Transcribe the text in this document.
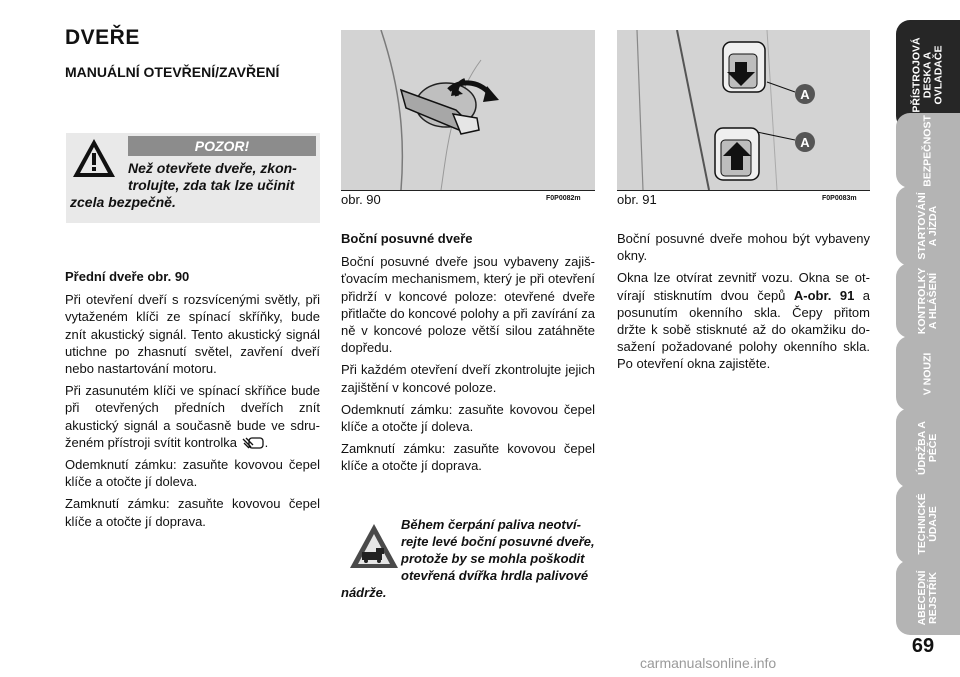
DVEŘE
MANUÁLNÍ OTEVŘENÍ/ZAVŘENÍ
POZOR!
Než otevřete dveře, zkontrolujte, zda tak lze učinit zcela bezpečně.

Přední dveře obr. 90

Při otevření dveří s rozsvícenými světly, při vytaženém klíči ze spínací skříňky, bude znít akustický signál. Tento akustický signál utichne po zhasnutí světel, zavření dveří nebo nastartování motoru.

Při zasunutém klíči ve spínací skříňce bude při otevřených předních dveřích znít akustický signál a současně bude ve sdruženém přístroji svítit kontrolka .

Odemknutí zámku: zasuňte kovovou čepel klíče a otočte jí doleva.

Zamknutí zámku: zasuňte kovovou čepel klíče a otočte jí doprava.

obr. 90	F0P0082m
A
A
obr. 91	F0P0083m

Boční posuvné dveře

Boční posuvné dveře jsou vybaveny zajišťovacím mechanismem, který je při otevření přidrží v koncové poloze: otevřené dveře přitlačte do koncové polohy a při zavírání za ně v koncové poloze větší silou zatáhněte dopředu.

Při každém otevření dveří zkontrolujte jejich zajištění v koncové poloze.

Odemknutí zámku: zasuňte kovovou čepel klíče a otočte jí doleva.

Zamknutí zámku: zasuňte kovovou čepel klíče a otočte jí doprava.

Během čerpání paliva neotvírejte levé boční posuvné dveře, protože by se mohla poškodit otevřená dvířka hrdla palivové nádrže.

Boční posuvné dveře mohou být vybaveny okny.

Okna lze otvírat zevnitř vozu. Okna se otvírají stisknutím dvou čepů A-obr. 91 a posunutím okenního skla. Čepy přitom držte k sobě stisknuté až do okamžiku dosažení požadované polohy okenního skla. Po otevření okna zajistěte.

PŘÍSTROJOVÁ DESKA A OVLADAČE
BEZPEČNOST
STARTOVÁNÍ A JÍZDA
KONTROLKY A HLÁŠENÍ
V NOUZI
ÚDRŽBA A PÉČE
TECHNICKÉ ÚDAJE
ABECEDNÍ REJSTŘÍK
69
carmanualsonline.info
